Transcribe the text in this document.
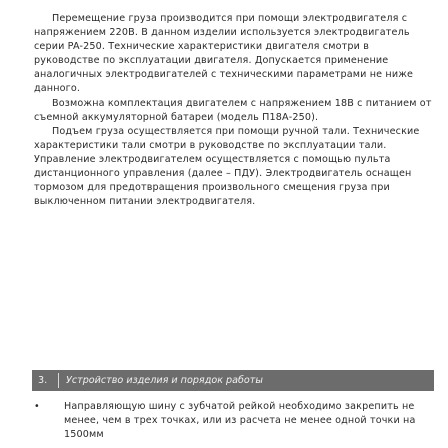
Перемещение груза производится при помощи электродвигателя с напряжением 220В. В данном изделии используется электродвигатель серии PA-250. Технические характеристики двигателя смотри в руководстве по эксплуатации двигателя. Допускается применение аналогичных электродвигателей с техническими параметрами не ниже данного.

Возможна комплектация двигателем с напряжением 18В с питанием от съемной аккумуляторной батареи (модель П18А-250).

Подъем груза осуществляется при помощи ручной тали. Технические характеристики тали смотри в руководстве по эксплуатации тали. Управление электродвигателем осуществляется с помощью пульта дистанционного управления (далее – ПДУ). Электродвигатель оснащен тормозом для предотвращения произвольного смещения груза при выключенном питании электродвигателя.

3. Устройство изделия и порядок работы
•	Направляющую шину с зубчатой рейкой необходимо закрепить не менее, чем в трех точках, или из расчета не менее одной точки на 1500мм
